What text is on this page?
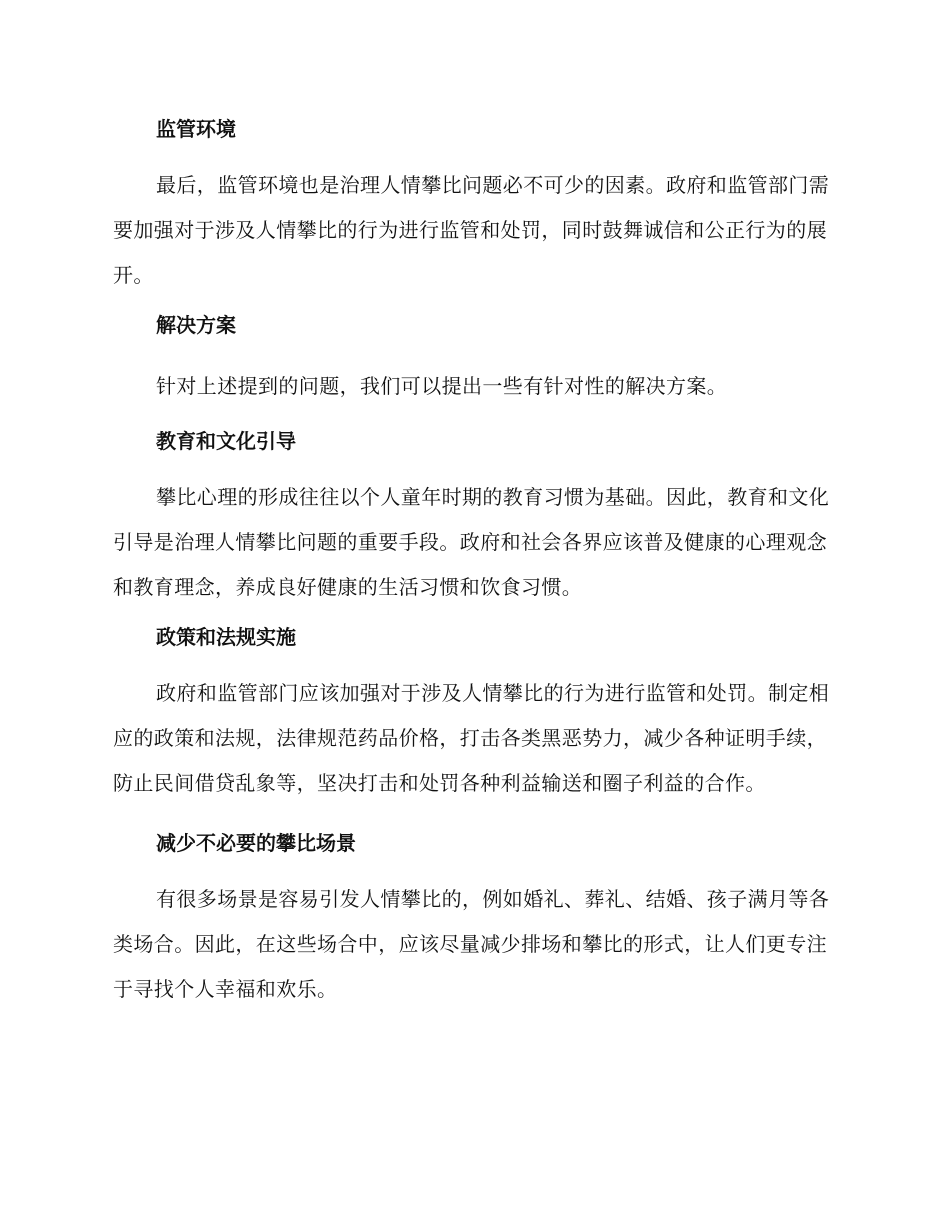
监管环境

最后，监管环境也是治理人情攀比问题必不可少的因素。政府和监管部门需要加强对于涉及人情攀比的行为进行监管和处罚，同时鼓舞诚信和公正行为的展开。

解决方案

针对上述提到的问题，我们可以提出一些有针对性的解决方案。

教育和文化引导

攀比心理的形成往往以个人童年时期的教育习惯为基础。因此，教育和文化引导是治理人情攀比问题的重要手段。政府和社会各界应该普及健康的心理观念和教育理念，养成良好健康的生活习惯和饮食习惯。

政策和法规实施

政府和监管部门应该加强对于涉及人情攀比的行为进行监管和处罚。制定相应的政策和法规，法律规范药品价格，打击各类黑恶势力，减少各种证明手续，防止民间借贷乱象等，坚决打击和处罚各种利益输送和圈子利益的合作。

减少不必要的攀比场景

有很多场景是容易引发人情攀比的，例如婚礼、葬礼、结婚、孩子满月等各类场合。因此，在这些场合中，应该尽量减少排场和攀比的形式，让人们更专注于寻找个人幸福和欢乐。
